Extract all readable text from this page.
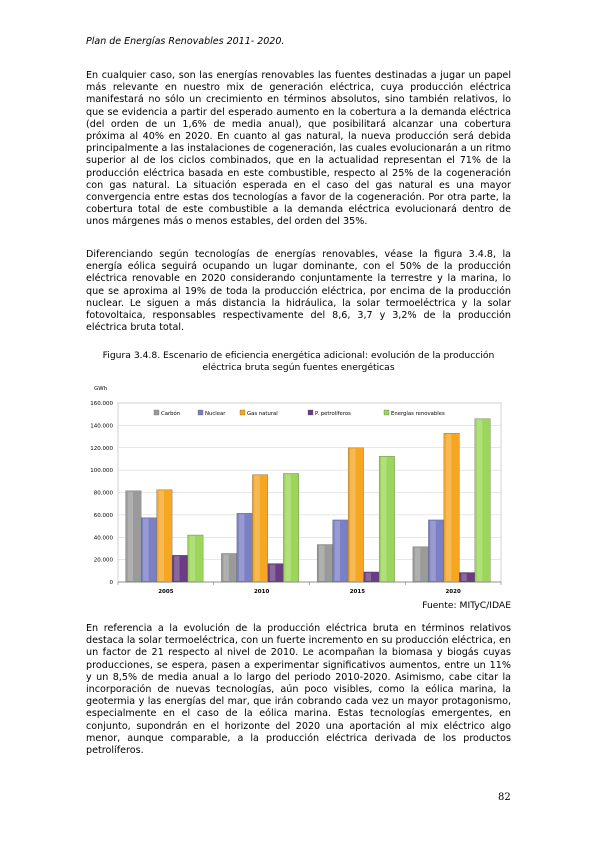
Plan de Energías Renovables 2011- 2020.

En cualquier caso, son las energías renovables las fuentes destinadas a jugar un papel más relevante en nuestro mix de generación eléctrica, cuya producción eléctrica manifestará no sólo un crecimiento en términos absolutos, sino también relativos, lo que se evidencia a partir del esperado aumento en la cobertura a la demanda eléctrica (del orden de un 1,6% de media anual), que posibilitará alcanzar una cobertura próxima al 40% en 2020. En cuanto al gas natural, la nueva producción será debida principalmente a las instalaciones de cogeneración, las cuales evolucionarán a un ritmo superior al de los ciclos combinados, que en la actualidad representan el 71% de la producción eléctrica basada en este combustible, respecto al 25% de la cogeneración con gas natural. La situación esperada en el caso del gas natural es una mayor convergencia entre estas dos tecnologías a favor de la cogeneración. Por otra parte, la cobertura total de este combustible a la demanda eléctrica evolucionará dentro de unos márgenes más o menos estables, del orden del 35%.

Diferenciando según tecnologías de energías renovables, véase la figura 3.4.8, la energía eólica seguirá ocupando un lugar dominante, con el 50% de la producción eléctrica renovable en 2020 considerando conjuntamente la terrestre y la marina, lo que se aproxima al 19% de toda la producción eléctrica, por encima de la producción nuclear. Le siguen a más distancia la hidráulica, la solar termoeléctrica y la solar fotovoltaica, responsables respectivamente del 8,6, 3,7 y 3,2% de la producción eléctrica bruta total.

Figura 3.4.8. Escenario de eficiencia energética adicional: evolución de la producción eléctrica bruta según fuentes energéticas
GWh
0
20.000
40.000
60.000
80.000
100.000
120.000
140.000
160.000
2005	2010	2015	2020
Carbón	Nuclear	Gas natural	P. petrolíferos	Energías renovables
Fuente: MITyC/IDAE

En referencia a la evolución de la producción eléctrica bruta en términos relativos destaca la solar termoeléctrica, con un fuerte incremento en su producción eléctrica, en un factor de 21 respecto al nivel de 2010. Le acompañan la biomasa y biogás cuyas producciones, se espera, pasen a experimentar significativos aumentos, entre un 11% y un 8,5% de media anual a lo largo del periodo 2010-2020. Asimismo, cabe citar la incorporación de nuevas tecnologías, aún poco visibles, como la eólica marina, la geotermia y las energías del mar, que irán cobrando cada vez un mayor protagonismo, especialmente en el caso de la eólica marina. Estas tecnologías emergentes, en conjunto, supondrán en el horizonte del 2020 una aportación al mix eléctrico algo menor, aunque comparable, a la producción eléctrica derivada de los productos petrolíferos.

82
